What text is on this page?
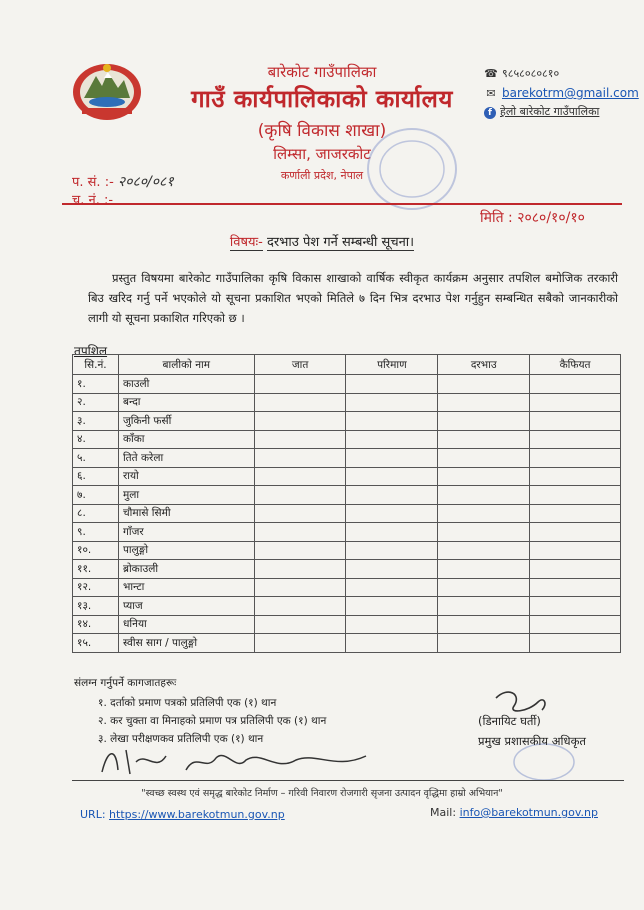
बारेकोट गाउँपालिका
गाउँ कार्यपालिकाको कार्यालय
(कृषि विकास शाखा)
लिम्सा, जाजरकोट
कर्णाली प्रदेश, नेपाल
☎ ९८५८०८०८१०
✉ barekotrm@gmail.com
f हेलो बारेकोट गाउँपालिका
प. सं. :- २०८०/०८१
च. नं. :-
मिति : २०८०/१०/१०
विषयः- दरभाउ पेश गर्ने सम्बन्धी सूचना।
प्रस्तुत विषयमा बारेकोट गाउँपालिका कृषि विकास शाखाको वार्षिक स्वीकृत कार्यक्रम अनुसार तपशिल बमोजिक तरकारी बिउ खरिद गर्नु पर्ने भएकोले यो सूचना प्रकाशित भएको मितिले ७ दिन भित्र दरभाउ पेश गर्नुहुन सम्बन्धित सबैको जानकारीको लागी यो सूचना प्रकाशित गरिएको छ ।
तपशिल
सि.नं.	बालीको नाम	जात	परिमाण	दरभाउ	कैफियत
१.	काउली				
२.	बन्दा				
३.	जुकिनी फर्सी				
४.	काँका				
५.	तिते करेला				
६.	रायो				
७.	मुला				
८.	चौमासे सिमी				
९.	गाँजर				
१०.	पालुङ्गो				
११.	ब्रोकाउली				
१२.	भान्टा				
१३.	प्याज				
१४.	धनिया				
१५.	स्वीस साग / पालुङ्गो				
संलग्न गर्नुपर्ने कागजातहरूः
१. दर्ताको प्रमाण पत्रको प्रतिलिपी एक (१) थान
२. कर चुक्ता वा मिनाहको प्रमाण पत्र प्रतिलिपी एक (१) थान
३. लेखा परीक्षणकव प्रतिलिपी एक (१) थान
(डिनायिट घर्ती)
प्रमुख प्रशासकीय अधिकृत
"स्वच्छ स्वस्थ एवं समृद्ध बारेकोट निर्माण – गरिवी निवारण रोजगारी सृजना उत्पादन वृद्धिमा हाम्रो अभियान"
URL: https://www.barekotmun.gov.np	Mail: info@barekotmun.gov.np
